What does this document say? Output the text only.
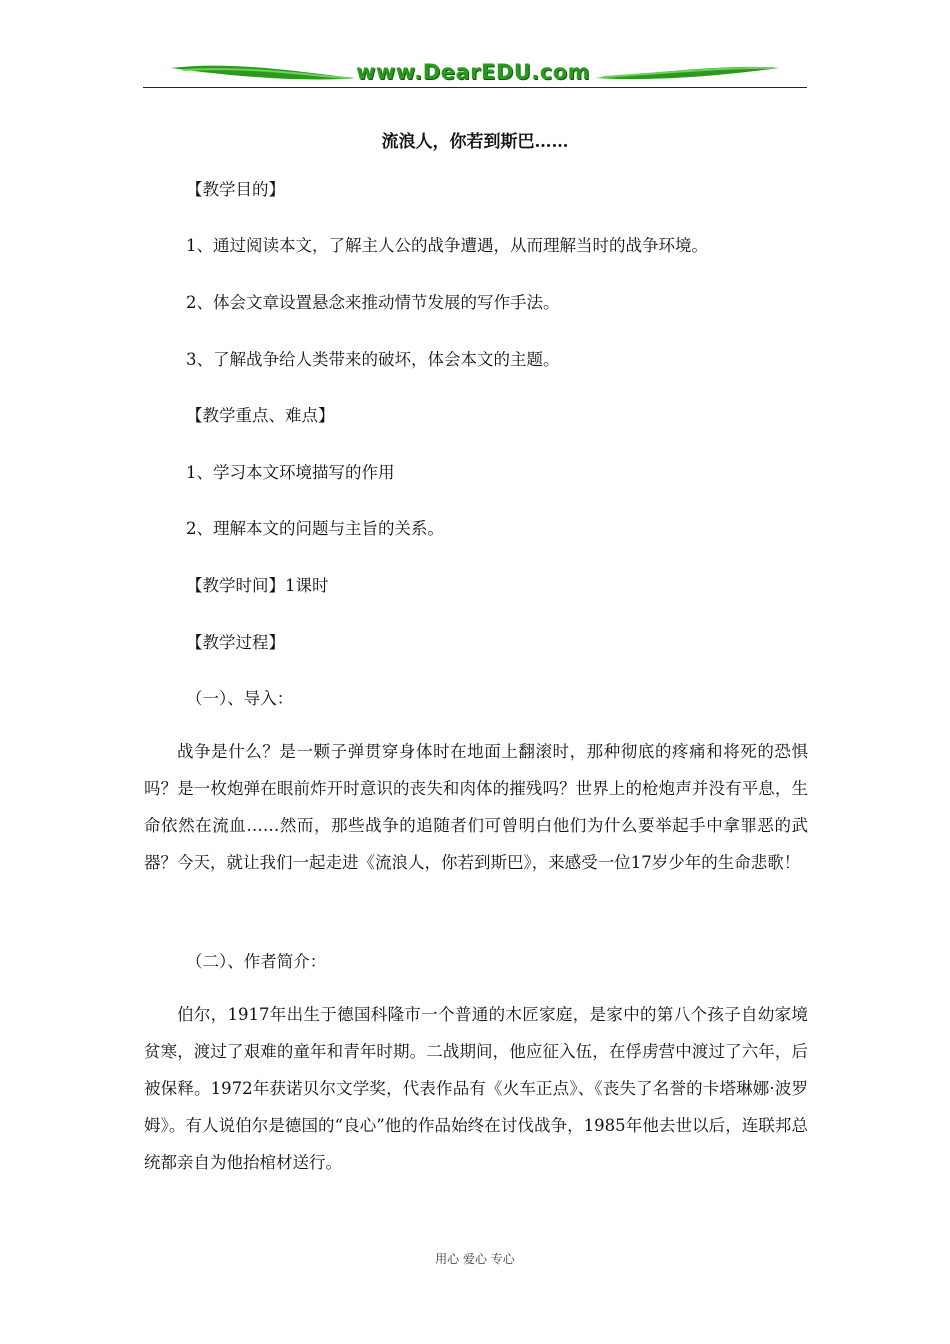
www.DearEDU.com
流浪人，你若到斯巴……
【教学目的】
1、通过阅读本文，了解主人公的战争遭遇，从而理解当时的战争环境。
2、体会文章设置悬念来推动情节发展的写作手法。
3、了解战争给人类带来的破坏，体会本文的主题。
【教学重点、难点】
1、学习本文环境描写的作用
2、理解本文的问题与主旨的关系。
【教学时间】1课时
【教学过程】
（一）、导入：
战争是什么？是一颗子弹贯穿身体时在地面上翻滚时，那种彻底的疼痛和将死的恐惧吗？是一枚炮弹在眼前炸开时意识的丧失和肉体的摧残吗？世界上的枪炮声并没有平息，生命依然在流血……然而，那些战争的追随者们可曾明白他们为什么要举起手中拿罪恶的武器？今天，就让我们一起走进《流浪人，你若到斯巴》，来感受一位17岁少年的生命悲歌！
（二）、作者简介：
伯尔，1917年出生于德国科隆市一个普通的木匠家庭，是家中的第八个孩子自幼家境贫寒，渡过了艰难的童年和青年时期。二战期间，他应征入伍，在俘虏营中渡过了六年，后被保释。1972年获诺贝尔文学奖，代表作品有《火车正点》、《丧失了名誉的卡塔琳娜·波罗姆》。有人说伯尔是德国的“良心”他的作品始终在讨伐战争，1985年他去世以后，连联邦总统都亲自为他抬棺材送行。
用心 爱心 专心
